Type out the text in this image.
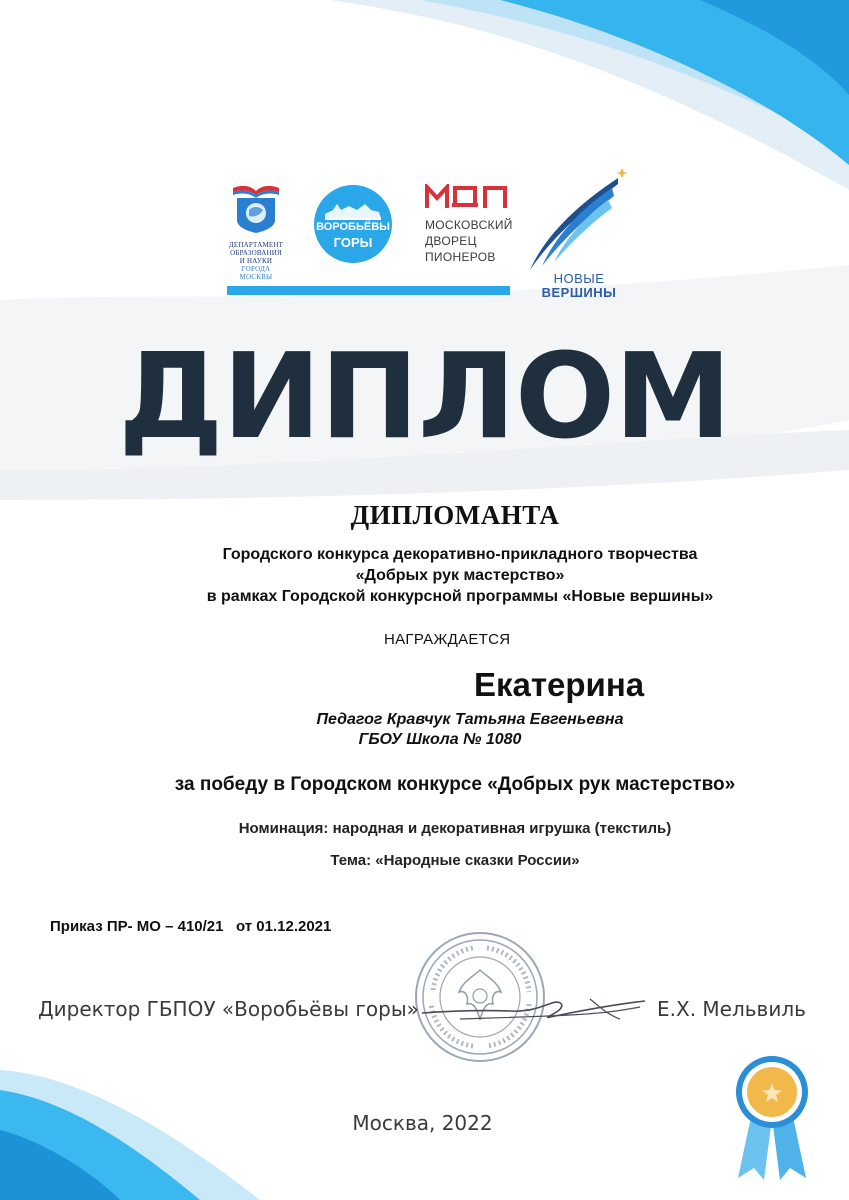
ДЕПАРТАМЕНТ
ОБРАЗОВАНИЯ
И НАУКИ
ГОРОДА МОСКВЫ
ВОРОБЬЁВЫ
ГОРЫ
МОСКОВСКИЙ
ДВОРЕЦ
ПИОНЕРОВ
НОВЫЕ
ВЕРШИНЫ
ДИПЛОМ
ДИПЛОМАНТА
Городского конкурса декоративно-прикладного творчества
«Добрых рук мастерство»
в рамках Городской конкурсной программы «Новые вершины»
НАГРАЖДАЕТСЯ
Екатерина
Педагог Кравчук Татьяна Евгеньевна
ГБОУ Школа № 1080
за победу в Городском конкурсе «Добрых рук мастерство»
Номинация: народная и декоративная игрушка (текстиль)
Тема: «Народные сказки России»
Приказ ПР- МО – 410/21   от 01.12.2021
Директор ГБПОУ «Воробьёвы горы»	Е.Х. Мельвиль
Москва, 2022
